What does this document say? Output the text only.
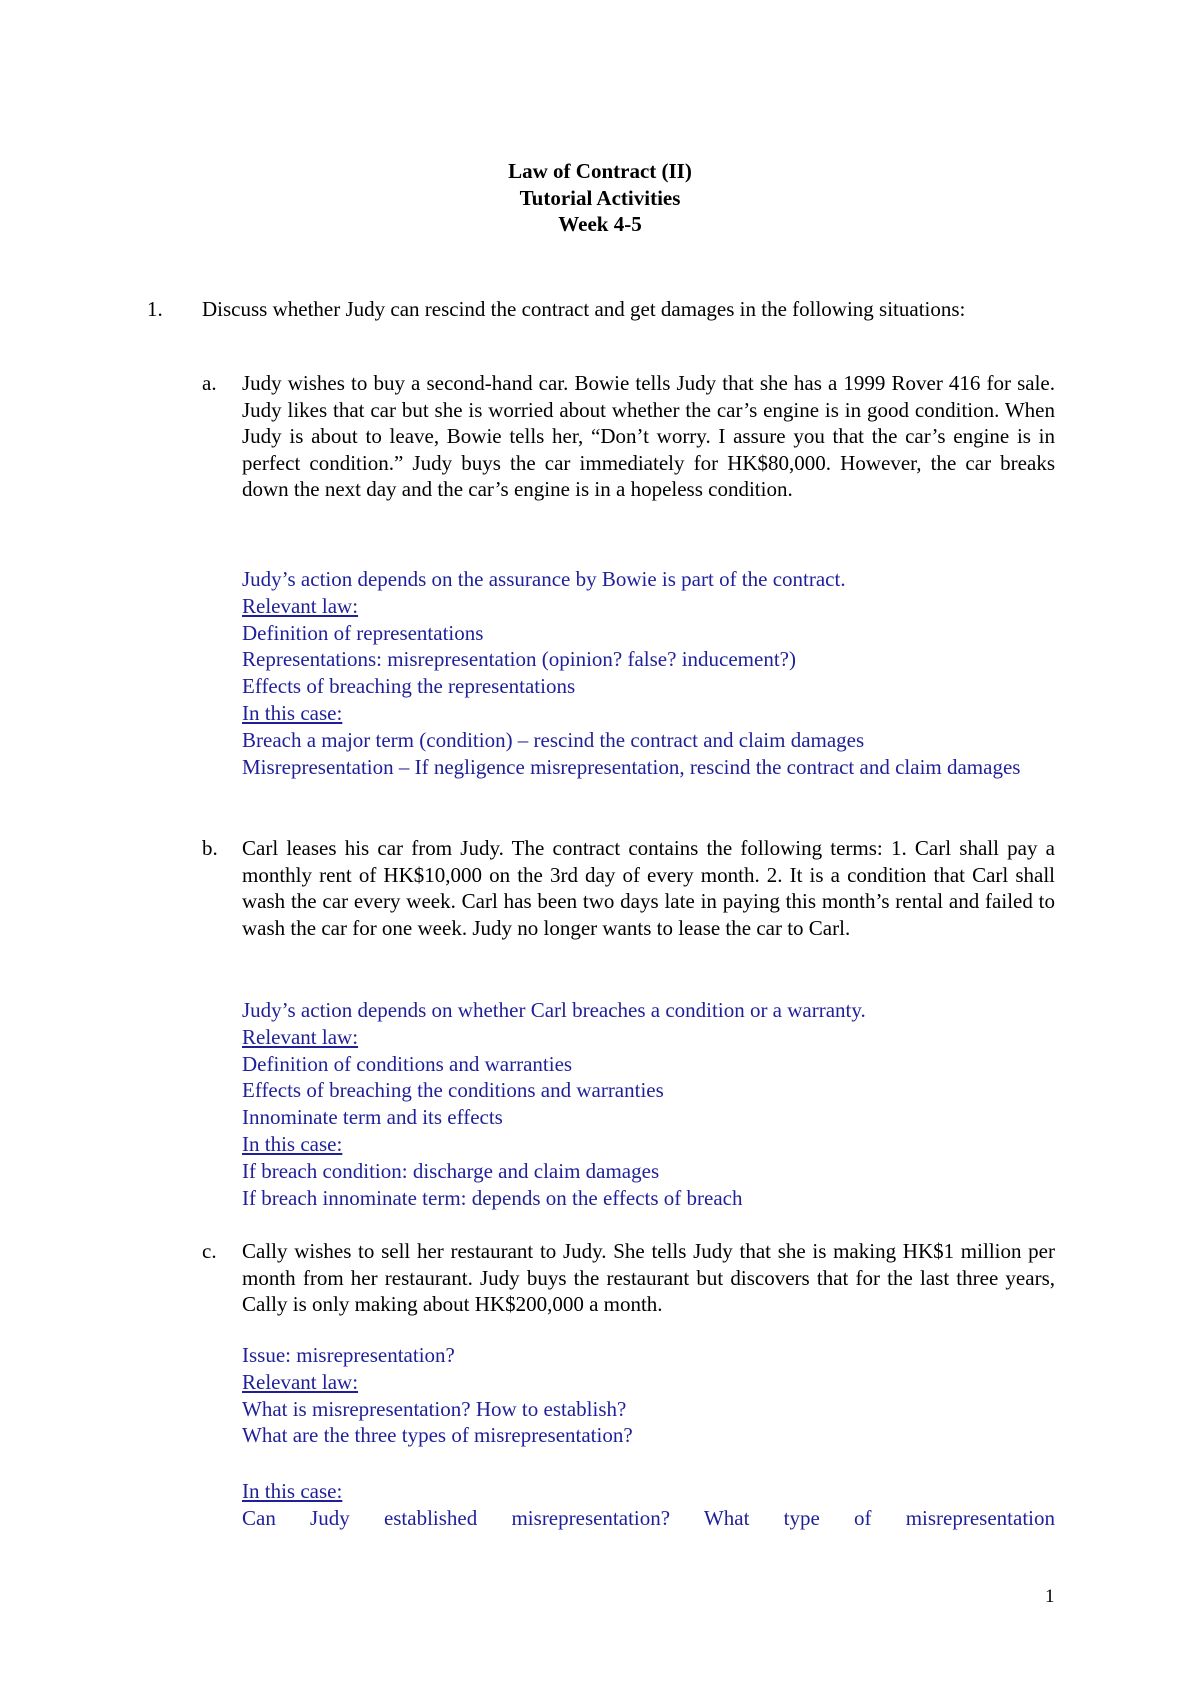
Law of Contract (II)
Tutorial Activities
Week 4-5
1. Discuss whether Judy can rescind the contract and get damages in the following situations:
a. Judy wishes to buy a second-hand car. Bowie tells Judy that she has a 1999 Rover 416 for sale. Judy likes that car but she is worried about whether the car’s engine is in good condition. When Judy is about to leave, Bowie tells her, “Don’t worry. I assure you that the car’s engine is in perfect condition.” Judy buys the car immediately for HK$80,000. However, the car breaks down the next day and the car’s engine is in a hopeless condition.
Judy’s action depends on the assurance by Bowie is part of the contract.
Relevant law:
Definition of representations
Representations: misrepresentation (opinion? false? inducement?)
Effects of breaching the representations
In this case:
Breach a major term (condition) – rescind the contract and claim damages
Misrepresentation – If negligence misrepresentation, rescind the contract and claim damages
b. Carl leases his car from Judy. The contract contains the following terms: 1. Carl shall pay a monthly rent of HK$10,000 on the 3rd day of every month. 2. It is a condition that Carl shall wash the car every week. Carl has been two days late in paying this month’s rental and failed to wash the car for one week. Judy no longer wants to lease the car to Carl.
Judy’s action depends on whether Carl breaches a condition or a warranty.
Relevant law:
Definition of conditions and warranties
Effects of breaching the conditions and warranties
Innominate term and its effects
In this case:
If breach condition: discharge and claim damages
If breach innominate term: depends on the effects of breach
c. Cally wishes to sell her restaurant to Judy. She tells Judy that she is making HK$1 million per month from her restaurant. Judy buys the restaurant but discovers that for the last three years, Cally is only making about HK$200,000 a month.
Issue: misrepresentation?
Relevant law:
What is misrepresentation? How to establish?
What are the three types of misrepresentation?
In this case:
Can Judy established misrepresentation? What type of misrepresentation
1
